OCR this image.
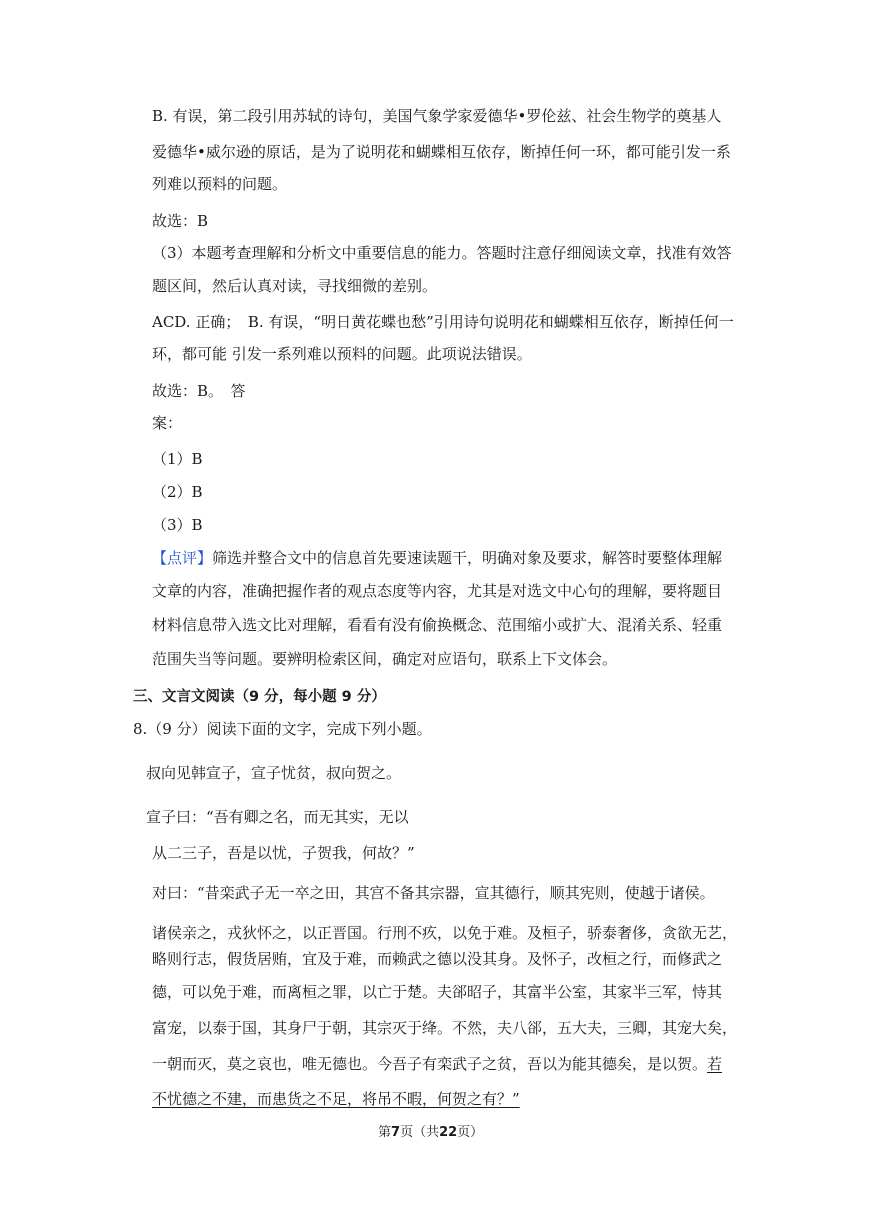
B. 有误，第二段引用苏轼的诗句，美国气象学家爱德华•罗伦兹、社会生物学的奠基人
爱德华•威尔逊的原话，是为了说明花和蝴蝶相互依存，断掉任何一环，都可能引发一系
列难以预料的问题。
故选：B
（3）本题考查理解和分析文中重要信息的能力。答题时注意仔细阅读文章，找准有效答
题区间，然后认真对读，寻找细微的差别。
ACD. 正确；　B. 有误，“明日黄花蝶也愁”引用诗句说明花和蝴蝶相互依存，断掉任何一
环，都可能 引发一系列难以预料的问题。此项说法错误。
故选：B。　答
案：
（1）B
（2）B
（3）B
【点评】筛选并整合文中的信息首先要速读题干，明确对象及要求，解答时要整体理解
文章的内容，准确把握作者的观点态度等内容，尤其是对选文中心句的理解，要将题目
材料信息带入选文比对理解，看看有没有偷换概念、范围缩小或扩大、混淆关系、轻重
范围失当等问题。要辨明检索区间，确定对应语句，联系上下文体会。
三、文言文阅读（9 分，每小题 9 分）
8.（9 分）阅读下面的文字，完成下列小题。
叔向见韩宣子，宣子忧贫，叔向贺之。
宣子曰：“吾有卿之名，而无其实，无以
从二三子，吾是以忧，子贺我，何故？”
对曰：“昔栾武子无一卒之田，其宫不备其宗器，宣其德行，顺其宪则，使越于诸侯。
诸侯亲之，戎狄怀之，以正晋国。行刑不疚，以免于难。及桓子，骄泰奢侈，贪欲无艺，
略则行志，假货居贿，宜及于难，而赖武之德以没其身。及怀子，改桓之行，而修武之
德，可以免于难，而离桓之罪，以亡于楚。夫郤昭子，其富半公室，其家半三军，恃其
富宠，以泰于国，其身尸于朝，其宗灭于绛。不然，夫八郤，五大夫，三卿，其宠大矣，
一朝而灭，莫之哀也，唯无德也。今吾子有栾武子之贫，吾以为能其德矣，是以贺。若
不忧德之不建，而患货之不足，将吊不暇，何贺之有？”
第7页（共22页）
